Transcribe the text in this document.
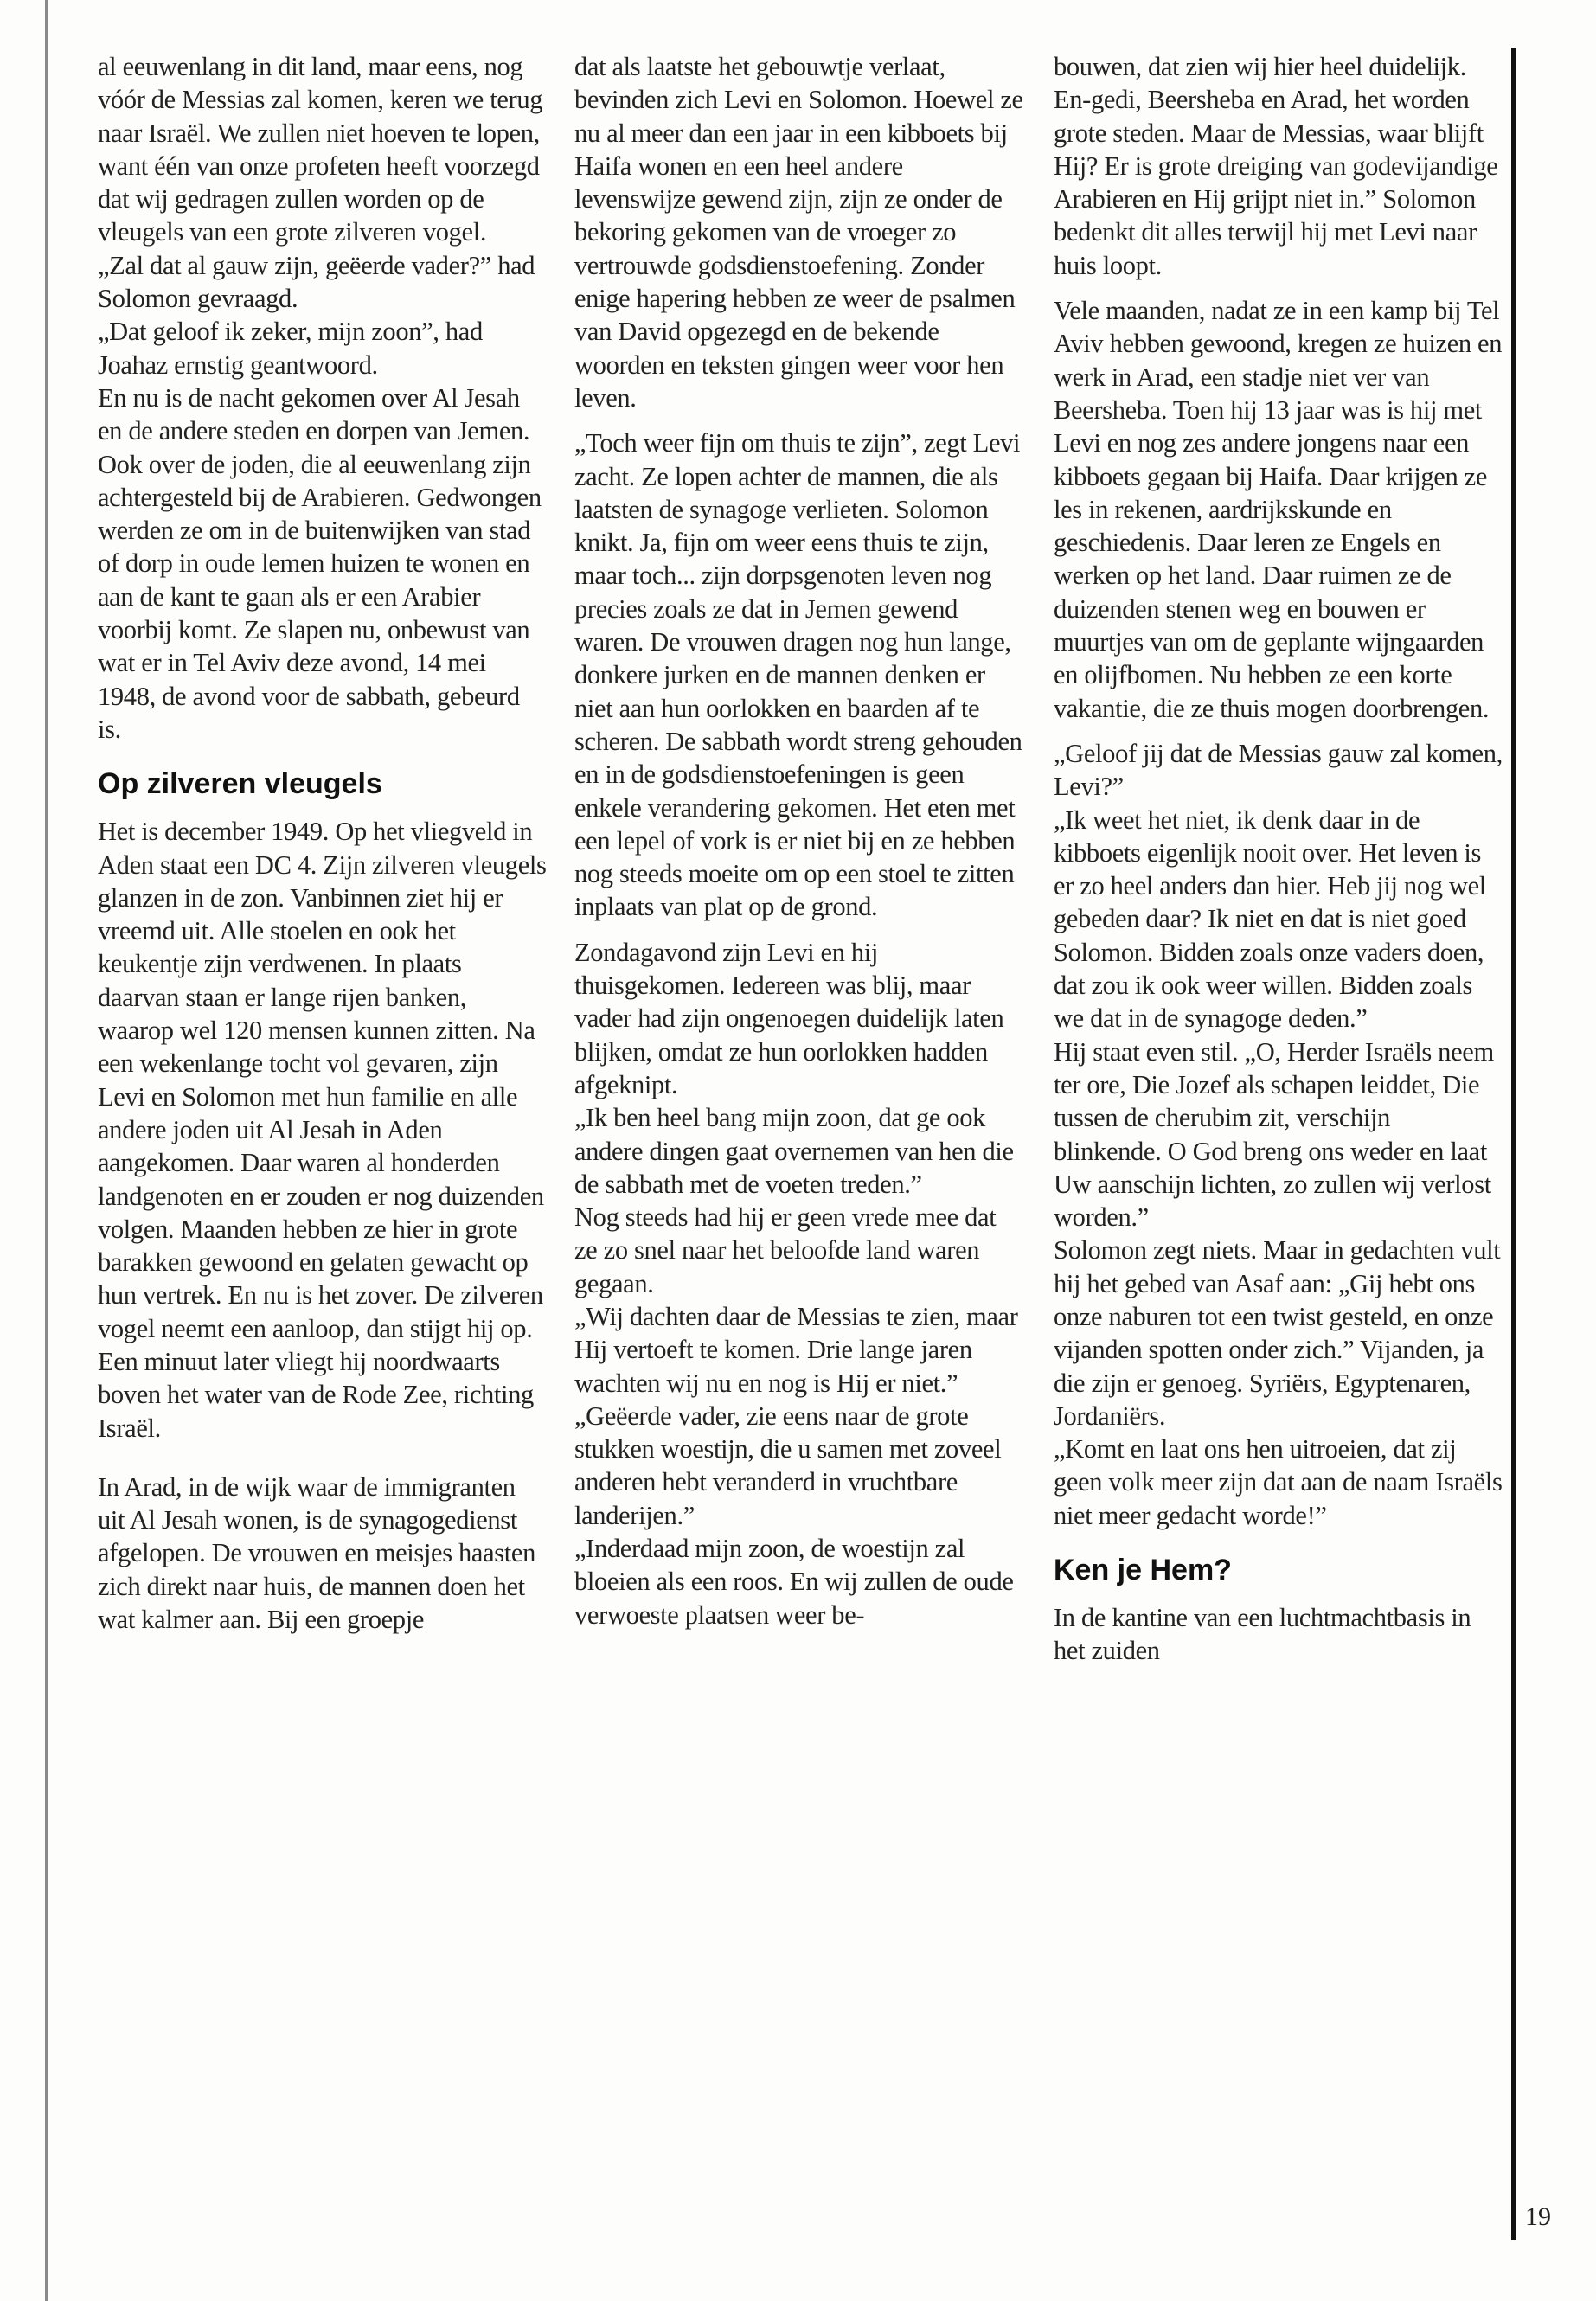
al eeuwenlang in dit land, maar eens, nog vóór de Messias zal komen, keren we terug naar Israël. We zullen niet hoeven te lopen, want één van onze profeten heeft voorzegd dat wij gedragen zullen worden op de vleugels van een grote zilveren vogel.

„Zal dat al gauw zijn, geëerde vader?” had Solomon gevraagd.

„Dat geloof ik zeker, mijn zoon”, had Joahaz ernstig geantwoord.

En nu is de nacht gekomen over Al Jesah en de andere steden en dorpen van Jemen. Ook over de joden, die al eeuwenlang zijn achtergesteld bij de Arabieren. Gedwongen werden ze om in de buitenwijken van stad of dorp in oude lemen huizen te wonen en aan de kant te gaan als er een Arabier voorbij komt. Ze slapen nu, onbewust van wat er in Tel Aviv deze avond, 14 mei 1948, de avond voor de sabbath, gebeurd is.

Op zilveren vleugels

Het is december 1949. Op het vliegveld in Aden staat een DC 4. Zijn zilveren vleugels glanzen in de zon. Vanbinnen ziet hij er vreemd uit. Alle stoelen en ook het keukentje zijn verdwenen. In plaats daarvan staan er lange rijen banken, waarop wel 120 mensen kunnen zitten. Na een wekenlange tocht vol gevaren, zijn Levi en Solomon met hun familie en alle andere joden uit Al Jesah in Aden aangekomen. Daar waren al honderden landgenoten en er zouden er nog duizenden volgen. Maanden hebben ze hier in grote barakken gewoond en gelaten gewacht op hun vertrek. En nu is het zover. De zilveren vogel neemt een aanloop, dan stijgt hij op. Een minuut later vliegt hij noordwaarts boven het water van de Rode Zee, richting Israël.

In Arad, in de wijk waar de immigranten uit Al Jesah wonen, is de synagogedienst afgelopen. De vrouwen en meisjes haasten zich direkt naar huis, de mannen doen het wat kalmer aan. Bij een groepje

dat als laatste het gebouwtje verlaat, bevinden zich Levi en Solomon. Hoewel ze nu al meer dan een jaar in een kibboets bij Haifa wonen en een heel andere levenswijze gewend zijn, zijn ze onder de bekoring gekomen van de vroeger zo vertrouwde godsdienstoefening. Zonder enige hapering hebben ze weer de psalmen van David opgezegd en de bekende woorden en teksten gingen weer voor hen leven.

„Toch weer fijn om thuis te zijn”, zegt Levi zacht. Ze lopen achter de mannen, die als laatsten de synagoge verlieten. Solomon knikt. Ja, fijn om weer eens thuis te zijn, maar toch... zijn dorpsgenoten leven nog precies zoals ze dat in Jemen gewend waren. De vrouwen dragen nog hun lange, donkere jurken en de mannen denken er niet aan hun oorlokken en baarden af te scheren. De sabbath wordt streng gehouden en in de godsdienstoefeningen is geen enkele verandering gekomen. Het eten met een lepel of vork is er niet bij en ze hebben nog steeds moeite om op een stoel te zitten inplaats van plat op de grond.

Zondagavond zijn Levi en hij thuisgekomen. Iedereen was blij, maar vader had zijn ongenoegen duidelijk laten blijken, omdat ze hun oorlokken hadden afgeknipt.

„Ik ben heel bang mijn zoon, dat ge ook andere dingen gaat overnemen van hen die de sabbath met de voeten treden.”

Nog steeds had hij er geen vrede mee dat ze zo snel naar het beloofde land waren gegaan.

„Wij dachten daar de Messias te zien, maar Hij vertoeft te komen. Drie lange jaren wachten wij nu en nog is Hij er niet.”

„Geëerde vader, zie eens naar de grote stukken woestijn, die u samen met zoveel anderen hebt veranderd in vruchtbare landerijen.”

„Inderdaad mijn zoon, de woestijn zal bloeien als een roos. En wij zullen de oude verwoeste plaatsen weer be-

bouwen, dat zien wij hier heel duidelijk. En-gedi, Beersheba en Arad, het worden grote steden. Maar de Messias, waar blijft Hij? Er is grote dreiging van godevijandige Arabieren en Hij grijpt niet in.” Solomon bedenkt dit alles terwijl hij met Levi naar huis loopt.

Vele maanden, nadat ze in een kamp bij Tel Aviv hebben gewoond, kregen ze huizen en werk in Arad, een stadje niet ver van Beersheba. Toen hij 13 jaar was is hij met Levi en nog zes andere jongens naar een kibboets gegaan bij Haifa. Daar krijgen ze les in rekenen, aardrijkskunde en geschiedenis. Daar leren ze Engels en werken op het land. Daar ruimen ze de duizenden stenen weg en bouwen er muurtjes van om de geplante wijngaarden en olijfbomen. Nu hebben ze een korte vakantie, die ze thuis mogen doorbrengen.

„Geloof jij dat de Messias gauw zal komen, Levi?”

„Ik weet het niet, ik denk daar in de kibboets eigenlijk nooit over. Het leven is er zo heel anders dan hier. Heb jij nog wel gebeden daar? Ik niet en dat is niet goed Solomon. Bidden zoals onze vaders doen, dat zou ik ook weer willen. Bidden zoals we dat in de synagoge deden.”

Hij staat even stil. „O, Herder Israëls neem ter ore, Die Jozef als schapen leiddet, Die tussen de cherubim zit, verschijn blinkende. O God breng ons weder en laat Uw aanschijn lichten, zo zullen wij verlost worden.”

Solomon zegt niets. Maar in gedachten vult hij het gebed van Asaf aan: „Gij hebt ons onze naburen tot een twist gesteld, en onze vijanden spotten onder zich.” Vijanden, ja die zijn er genoeg. Syriërs, Egyptenaren, Jordaniërs.

„Komt en laat ons hen uitroeien, dat zij geen volk meer zijn dat aan de naam Israëls niet meer gedacht worde!”

Ken je Hem?

In de kantine van een luchtmachtbasis in het zuiden

19
